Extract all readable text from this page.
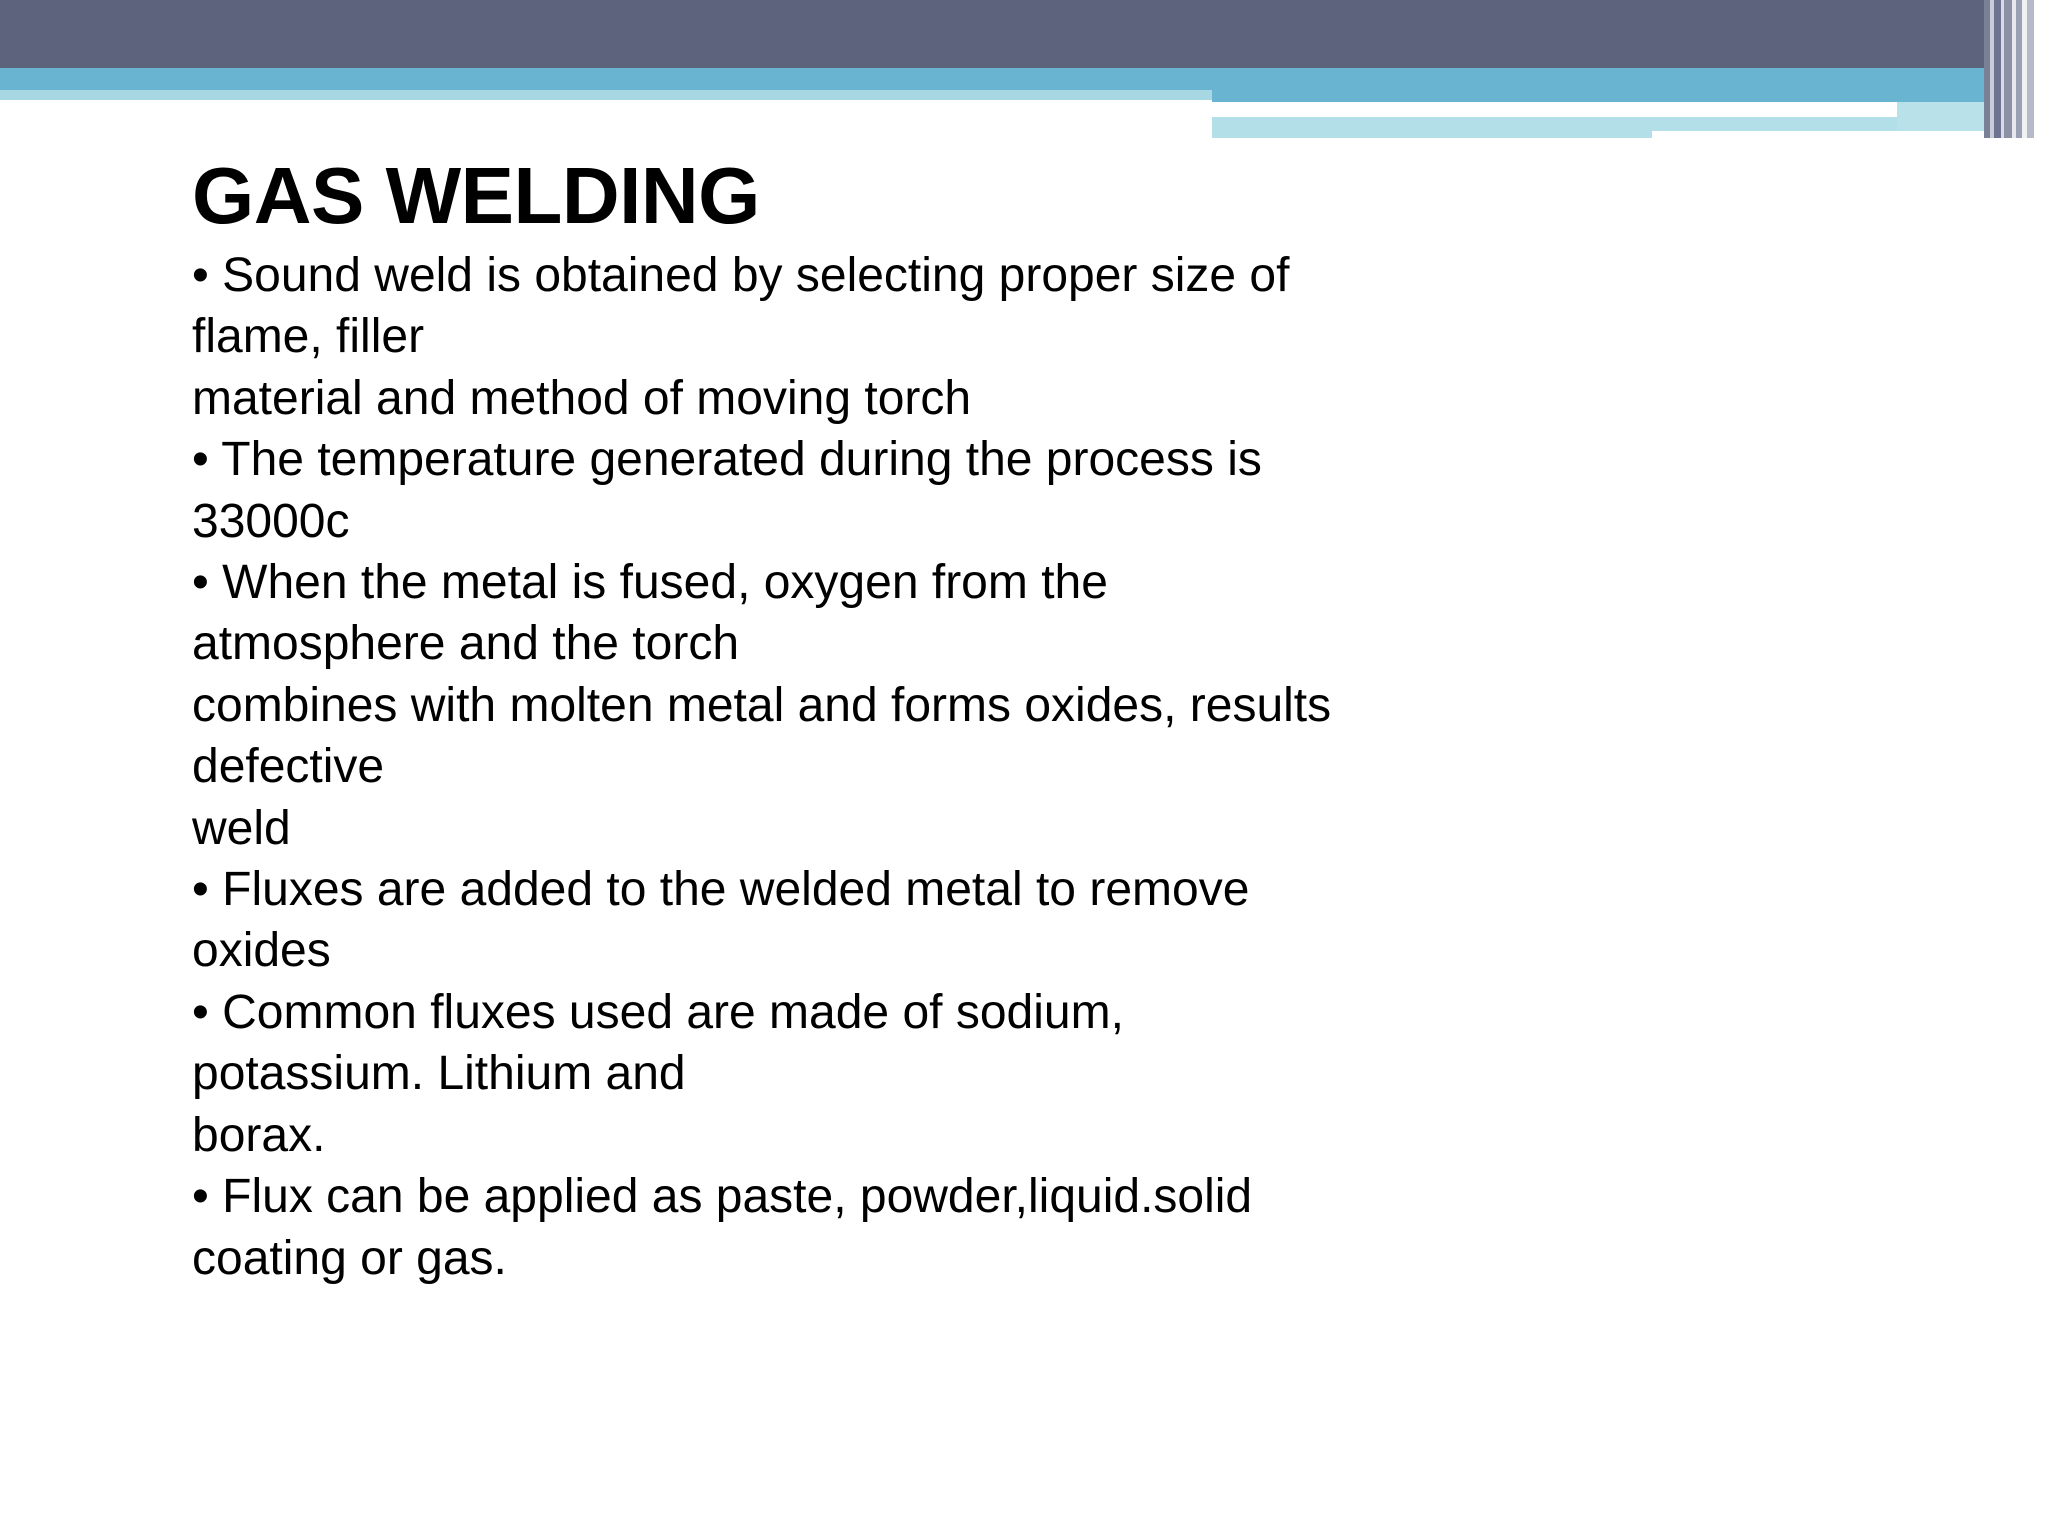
GAS WELDING
• Sound weld is obtained by selecting proper size of
flame, filler
material and method of moving torch
• The temperature generated during the process is
33000c
• When the metal is fused, oxygen from the
atmosphere and the torch
combines with molten metal and forms oxides, results
defective
weld
• Fluxes are added to the welded metal to remove
oxides
• Common fluxes used are made of sodium,
potassium. Lithium and
borax.
• Flux can be applied as paste, powder,liquid.solid
coating or gas.
